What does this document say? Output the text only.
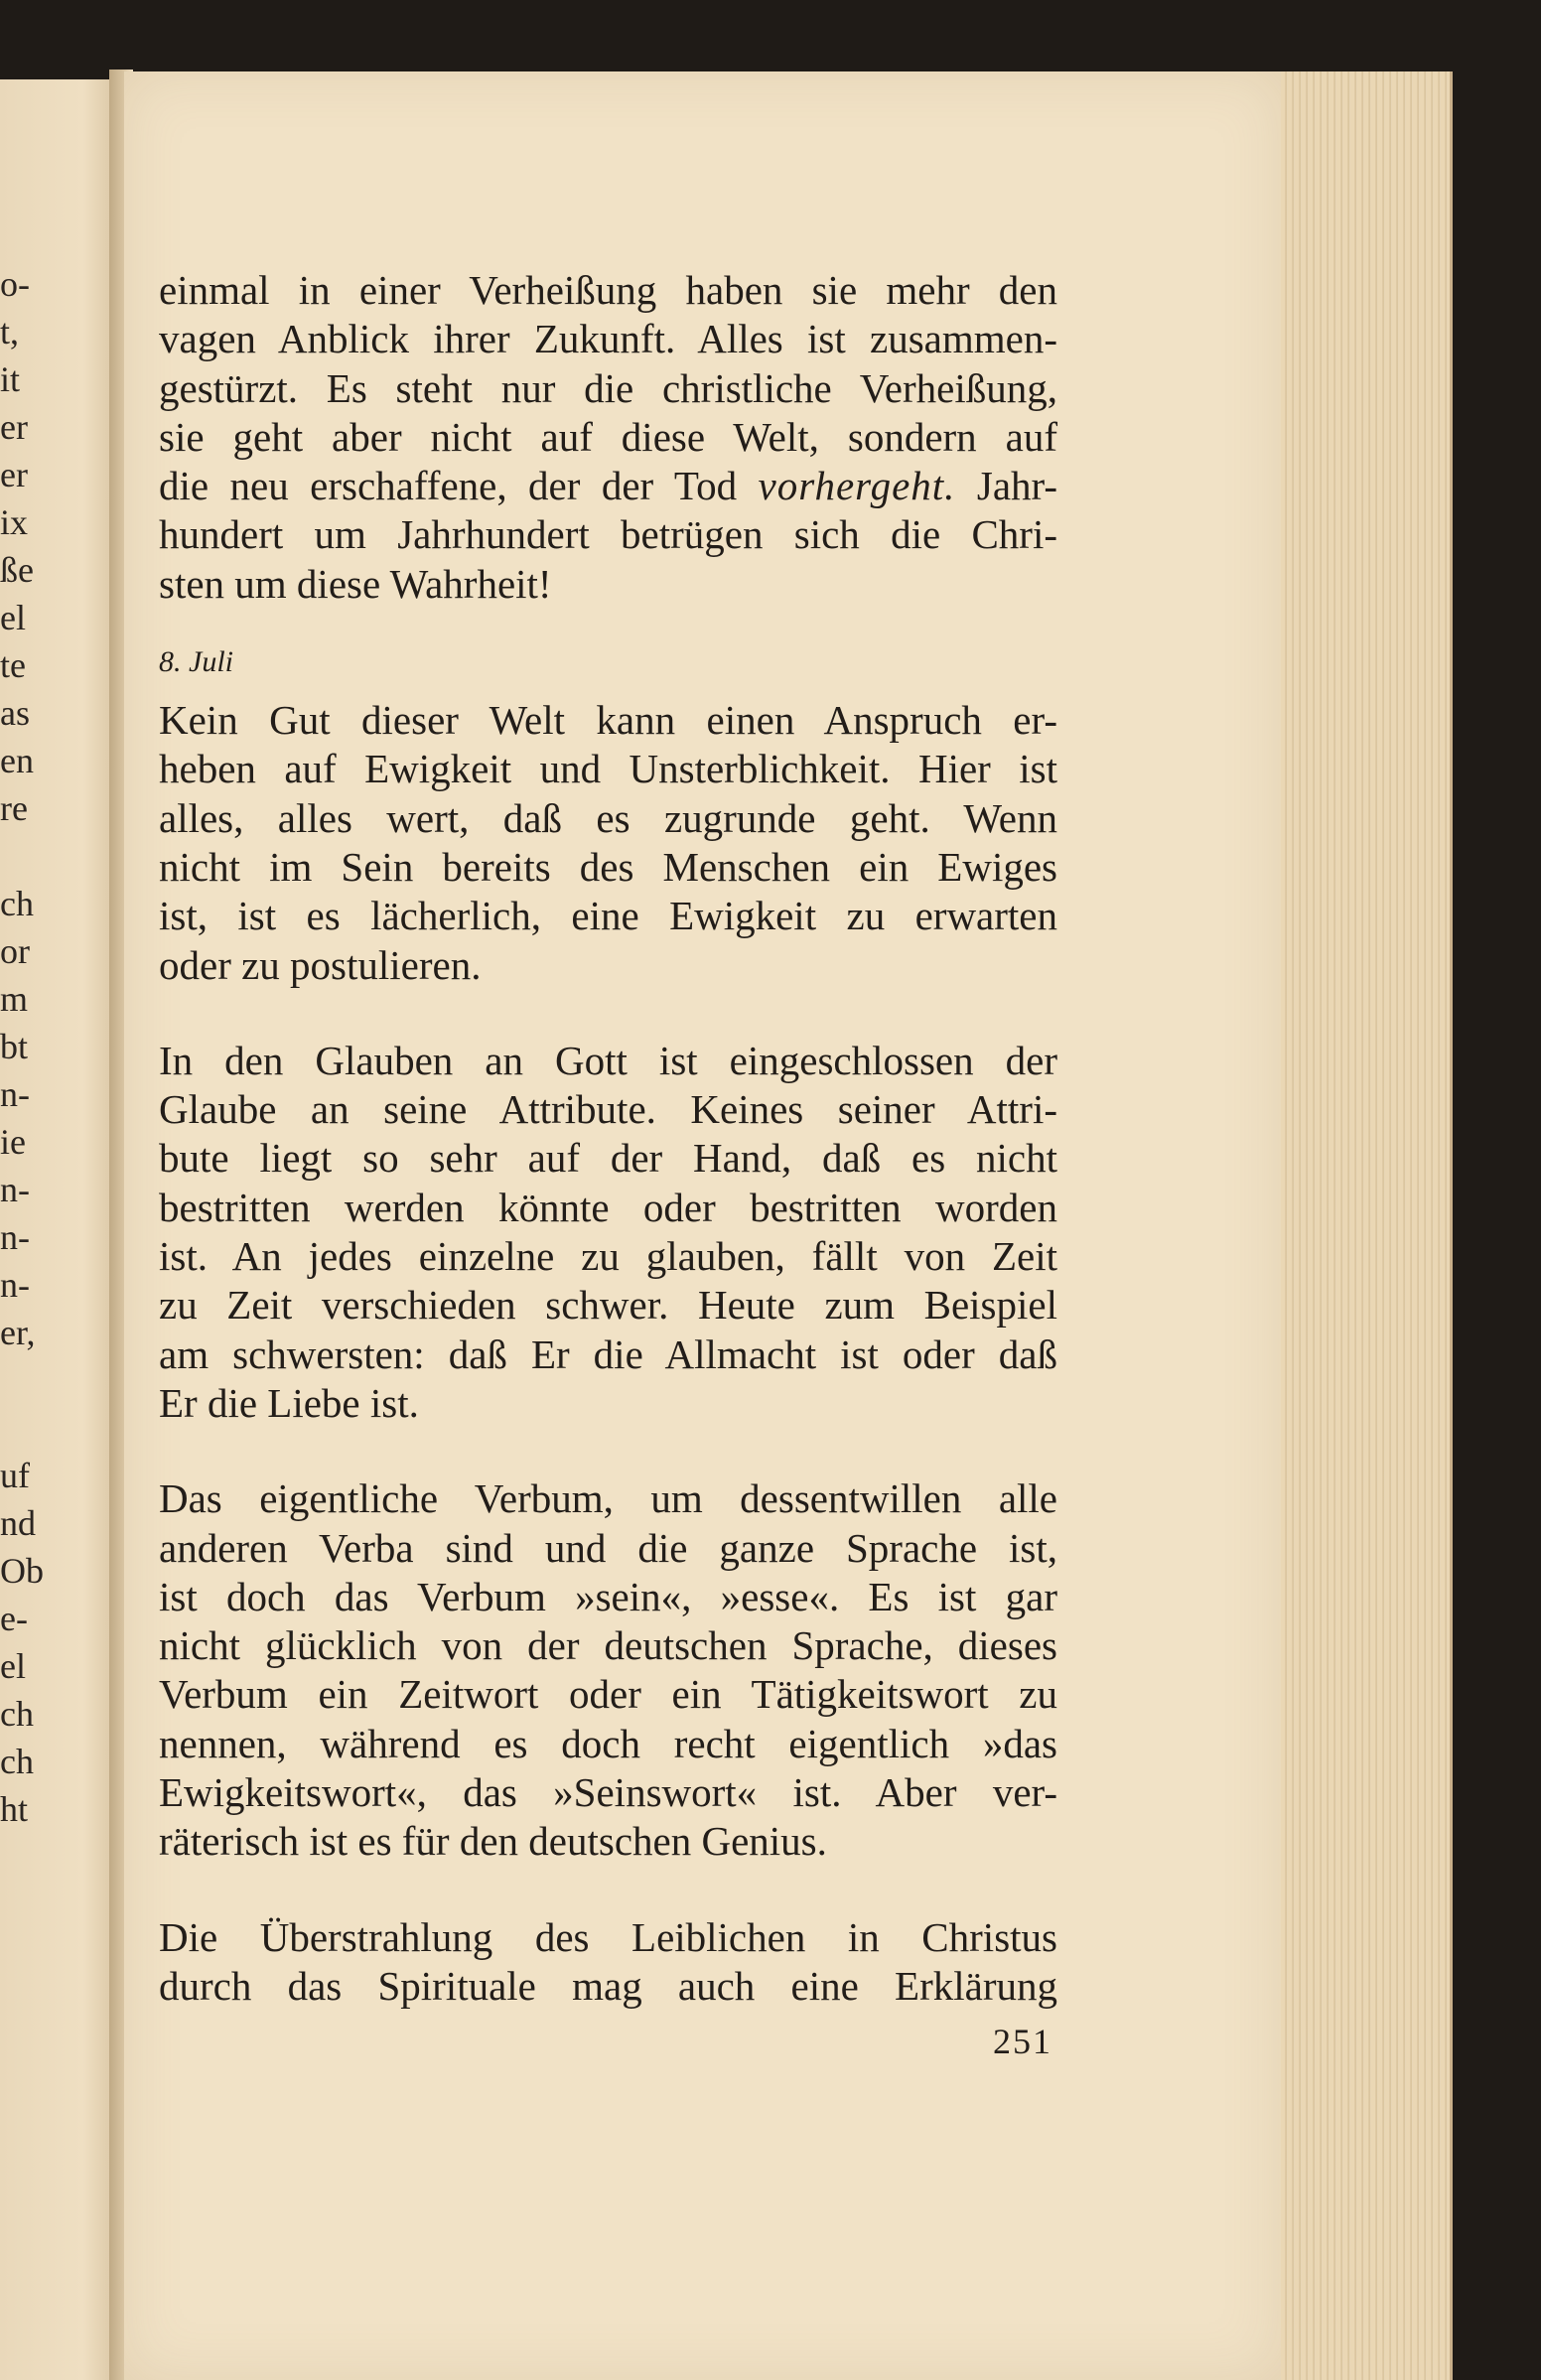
o-
t,
it
er
er
ix
ße
el
te
as
en
re
ch
or
m
bt
n-
ie
n-
n-
n-
er,
uf
nd
Ob
e-
el
ch
ch
ht

einmal in einer Verheißung haben sie mehr den
vagen Anblick ihrer Zukunft. Alles ist zusammen-
gestürzt. Es steht nur die christliche Verheißung,
sie geht aber nicht auf diese Welt, sondern auf
die neu erschaffene, der der Tod vorhergeht. Jahr-
hundert um Jahrhundert betrügen sich die Chri-
sten um diese Wahrheit!

8. Juli

Kein Gut dieser Welt kann einen Anspruch er-
heben auf Ewigkeit und Unsterblichkeit. Hier ist
alles, alles wert, daß es zugrunde geht. Wenn
nicht im Sein bereits des Menschen ein Ewiges
ist, ist es lächerlich, eine Ewigkeit zu erwarten
oder zu postulieren.

In den Glauben an Gott ist eingeschlossen der
Glaube an seine Attribute. Keines seiner Attri-
bute liegt so sehr auf der Hand, daß es nicht
bestritten werden könnte oder bestritten worden
ist. An jedes einzelne zu glauben, fällt von Zeit
zu Zeit verschieden schwer. Heute zum Beispiel
am schwersten: daß Er die Allmacht ist oder daß
Er die Liebe ist.

Das eigentliche Verbum, um dessentwillen alle
anderen Verba sind und die ganze Sprache ist,
ist doch das Verbum »sein«, »esse«. Es ist gar
nicht glücklich von der deutschen Sprache, dieses
Verbum ein Zeitwort oder ein Tätigkeitswort zu
nennen, während es doch recht eigentlich »das
Ewigkeitswort«, das »Seinswort« ist. Aber ver-
räterisch ist es für den deutschen Genius.

Die Überstrahlung des Leiblichen in Christus
durch das Spirituale mag auch eine Erklärung

251
